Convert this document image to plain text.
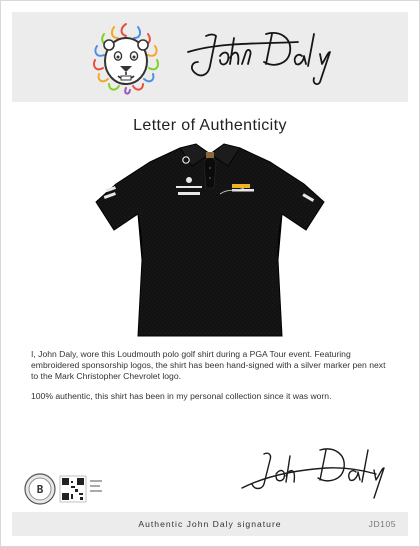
Letter of Authenticity

I, John Daly, wore this Loudmouth polo golf shirt during a PGA Tour event. Featuring embroidered sponsorship logos, the shirt has been hand-signed with a silver marker pen next to the Mark Christopher Chevrolet logo.

100% authentic, this shirt has been in my personal collection since it was worn.

B
Authentic John Daly signature	JD105
